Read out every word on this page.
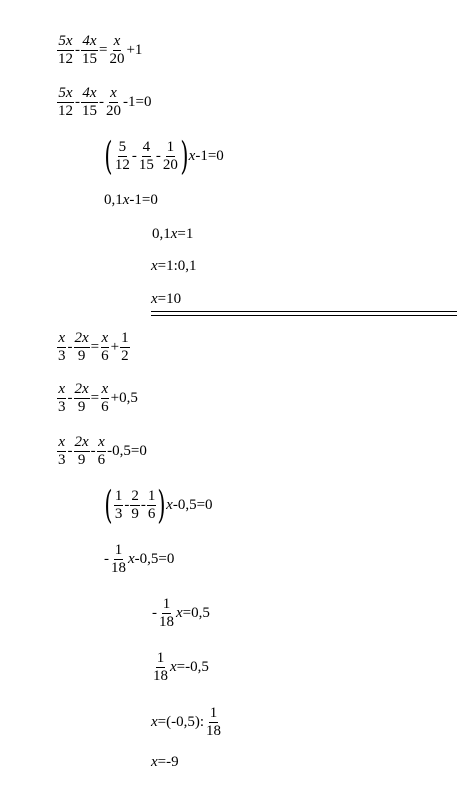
$\frac{5x}{12} - \frac{4x}{15} = \frac{x}{20} +1$
$\frac{5x}{12} - \frac{4x}{15} - \frac{x}{20} -1=0$
( $\frac{5}{12} - \frac{4}{15} - \frac{1}{20}$ ) x -1=0
0,1 x -1=0
0,1 x =1
x =1:0,1
x =10
$\frac{x}{3} - \frac{2x}{9} = \frac{x}{6} + \frac{1}{2}$
$\frac{x}{3} - \frac{2x}{9} = \frac{x}{6} +0,5$
$\frac{x}{3} - \frac{2x}{9} - \frac{x}{6} -0,5=0$
( $\frac{1}{3} - \frac{2}{9} - \frac{1}{6}$ ) x -0,5=0
- $\frac{1}{18}$ x -0,5=0
- $\frac{1}{18}$ x =0,5
$\frac{1}{18}$ x =-0,5
x =(-0,5): $\frac{1}{18}$
x =-9
